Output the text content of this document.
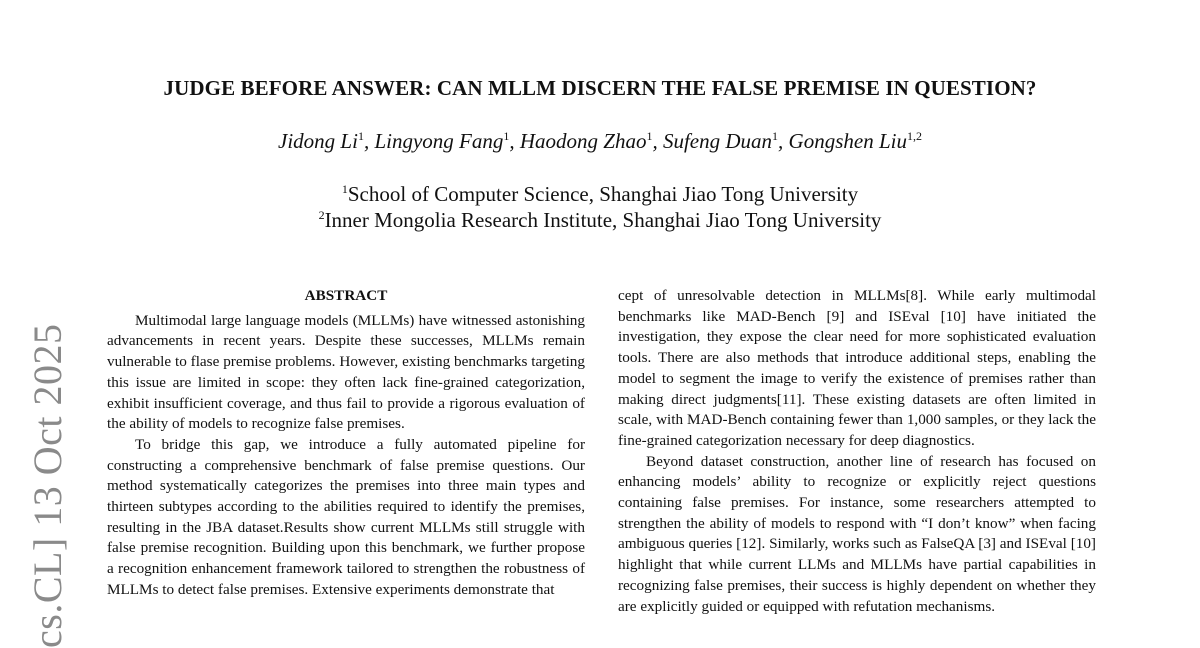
cs.CL] 13 Oct 2025
JUDGE BEFORE ANSWER: CAN MLLM DISCERN THE FALSE PREMISE IN QUESTION?
Jidong Li$^1$, Lingyong Fang$^1$, Haodong Zhao$^1$, Sufeng Duan$^1$, Gongshen Liu$^{1,2}$
$^1$School of Computer Science, Shanghai Jiao Tong University
$^2$Inner Mongolia Research Institute, Shanghai Jiao Tong University
ABSTRACT

Multimodal large language models (MLLMs) have witnessed astonishing advancements in recent years. Despite these successes, MLLMs remain vulnerable to flase premise problems. However, existing benchmarks targeting this issue are limited in scope: they often lack fine-grained categorization, exhibit insufficient coverage, and thus fail to provide a rigorous evaluation of the ability of models to recognize false premises.

To bridge this gap, we introduce a fully automated pipeline for constructing a comprehensive benchmark of false premise questions. Our method systematically categorizes the premises into three main types and thirteen subtypes according to the abilities required to identify the premises, resulting in the JBA dataset.Results show current MLLMs still struggle with false premise recognition. Building upon this benchmark, we further propose a recognition enhancement framework tailored to strengthen the robustness of MLLMs to detect false premises. Extensive experiments demonstrate that

cept of unresolvable detection in MLLMs[8]. While early multimodal benchmarks like MAD-Bench [9] and ISEval [10] have initiated the investigation, they expose the clear need for more sophisticated evaluation tools. There are also methods that introduce additional steps, enabling the model to segment the image to verify the existence of premises rather than making direct judgments[11]. These existing datasets are often limited in scale, with MAD-Bench containing fewer than 1,000 samples, or they lack the fine-grained categorization necessary for deep diagnostics.

Beyond dataset construction, another line of research has focused on enhancing models’ ability to recognize or explicitly reject questions containing false premises. For instance, some researchers attempted to strengthen the ability of models to respond with “I don’t know” when facing ambiguous queries [12]. Similarly, works such as FalseQA [3] and ISEval [10] highlight that while current LLMs and MLLMs have partial capabilities in recognizing false premises, their success is highly dependent on whether they are explicitly guided or equipped with refutation mechanisms.
